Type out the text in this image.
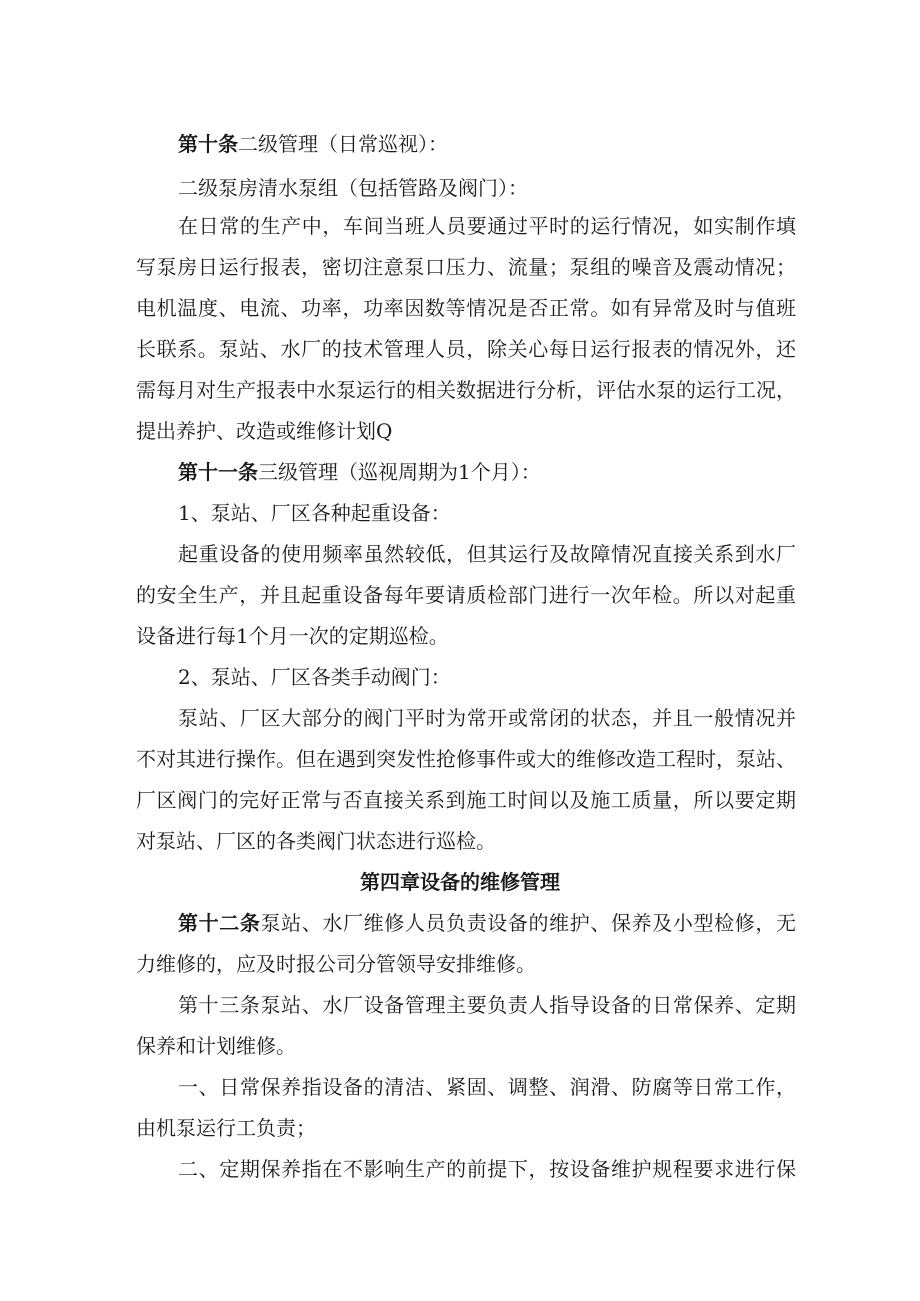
第十条二级管理（日常巡视）：
二级泵房清水泵组（包括管路及阀门）：
在日常的生产中，车间当班人员要通过平时的运行情况，如实制作填
写泵房日运行报表，密切注意泵口压力、流量；泵组的噪音及震动情况；
电机温度、电流、功率，功率因数等情况是否正常。如有异常及时与值班
长联系。泵站、水厂的技术管理人员，除关心每日运行报表的情况外，还
需每月对生产报表中水泵运行的相关数据进行分析，评估水泵的运行工况，
提出养护、改造或维修计划Q
第十一条三级管理（巡视周期为1个月）：
1、泵站、厂区各种起重设备：
起重设备的使用频率虽然较低，但其运行及故障情况直接关系到水厂
的安全生产，并且起重设备每年要请质检部门进行一次年检。所以对起重
设备进行每1个月一次的定期巡检。
2、泵站、厂区各类手动阀门：
泵站、厂区大部分的阀门平时为常开或常闭的状态，并且一般情况并
不对其进行操作。但在遇到突发性抢修事件或大的维修改造工程时，泵站、
厂区阀门的完好正常与否直接关系到施工时间以及施工质量，所以要定期
对泵站、厂区的各类阀门状态进行巡检。
第四章设备的维修管理
第十二条泵站、水厂维修人员负责设备的维护、保养及小型检修，无
力维修的，应及时报公司分管领导安排维修。
第十三条泵站、水厂设备管理主要负责人指导设备的日常保养、定期
保养和计划维修。
一、日常保养指设备的清洁、紧固、调整、润滑、防腐等日常工作，
由机泵运行工负责；
二、定期保养指在不影响生产的前提下，按设备维护规程要求进行保
